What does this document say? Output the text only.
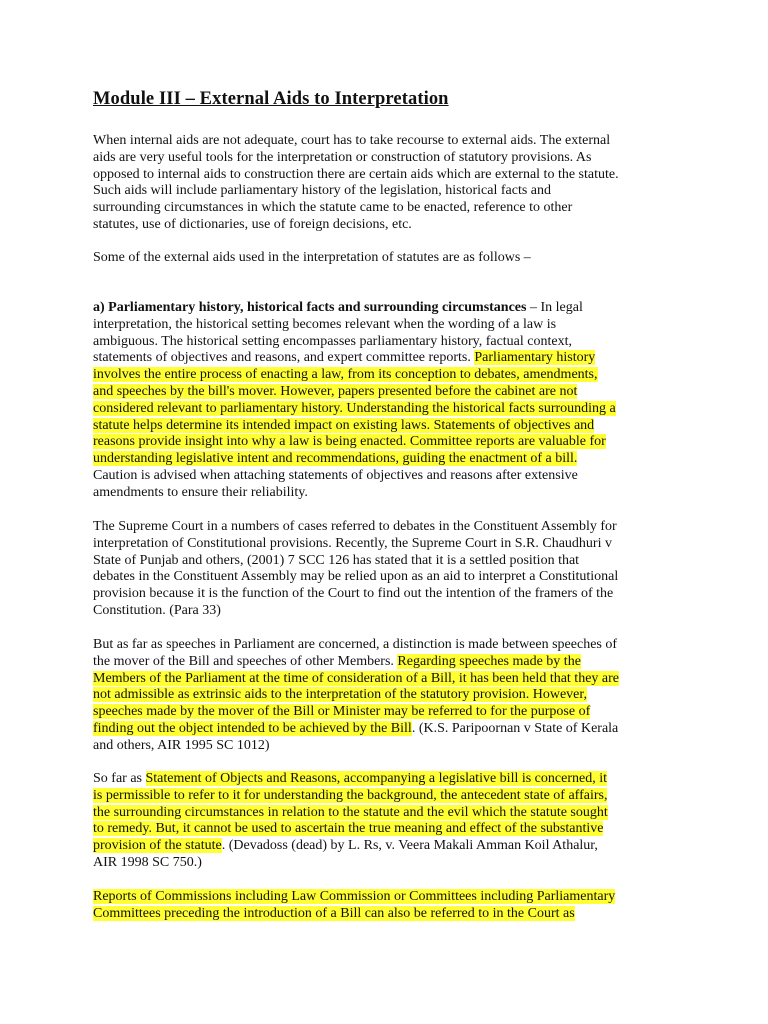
Module III – External Aids to Interpretation
When internal aids are not adequate, court has to take recourse to external aids. The external
aids are very useful tools for the interpretation or construction of statutory provisions. As
opposed to internal aids to construction there are certain aids which are external to the statute.
Such aids will include parliamentary history of the legislation, historical facts and
surrounding circumstances in which the statute came to be enacted, reference to other
statutes, use of dictionaries, use of foreign decisions, etc.
Some of the external aids used in the interpretation of statutes are as follows –
a) Parliamentary history, historical facts and surrounding circumstances – In legal
interpretation, the historical setting becomes relevant when the wording of a law is
ambiguous. The historical setting encompasses parliamentary history, factual context,
statements of objectives and reasons, and expert committee reports. Parliamentary history
involves the entire process of enacting a law, from its conception to debates, amendments,
and speeches by the bill's mover. However, papers presented before the cabinet are not
considered relevant to parliamentary history. Understanding the historical facts surrounding a
statute helps determine its intended impact on existing laws. Statements of objectives and
reasons provide insight into why a law is being enacted. Committee reports are valuable for
understanding legislative intent and recommendations, guiding the enactment of a bill.
Caution is advised when attaching statements of objectives and reasons after extensive
amendments to ensure their reliability.
The Supreme Court in a numbers of cases referred to debates in the Constituent Assembly for
interpretation of Constitutional provisions. Recently, the Supreme Court in S.R. Chaudhuri v
State of Punjab and others, (2001) 7 SCC 126 has stated that it is a settled position that
debates in the Constituent Assembly may be relied upon as an aid to interpret a Constitutional
provision because it is the function of the Court to find out the intention of the framers of the
Constitution. (Para 33)
But as far as speeches in Parliament are concerned, a distinction is made between speeches of
the mover of the Bill and speeches of other Members. Regarding speeches made by the
Members of the Parliament at the time of consideration of a Bill, it has been held that they are
not admissible as extrinsic aids to the interpretation of the statutory provision. However,
speeches made by the mover of the Bill or Minister may be referred to for the purpose of
finding out the object intended to be achieved by the Bill. (K.S. Paripoornan v State of Kerala
and others, AIR 1995 SC 1012)
So far as Statement of Objects and Reasons, accompanying a legislative bill is concerned, it
is permissible to refer to it for understanding the background, the antecedent state of affairs,
the surrounding circumstances in relation to the statute and the evil which the statute sought
to remedy. But, it cannot be used to ascertain the true meaning and effect of the substantive
provision of the statute. (Devadoss (dead) by L. Rs, v. Veera Makali Amman Koil Athalur,
AIR 1998 SC 750.)
Reports of Commissions including Law Commission or Committees including Parliamentary
Committees preceding the introduction of a Bill can also be referred to in the Court as
